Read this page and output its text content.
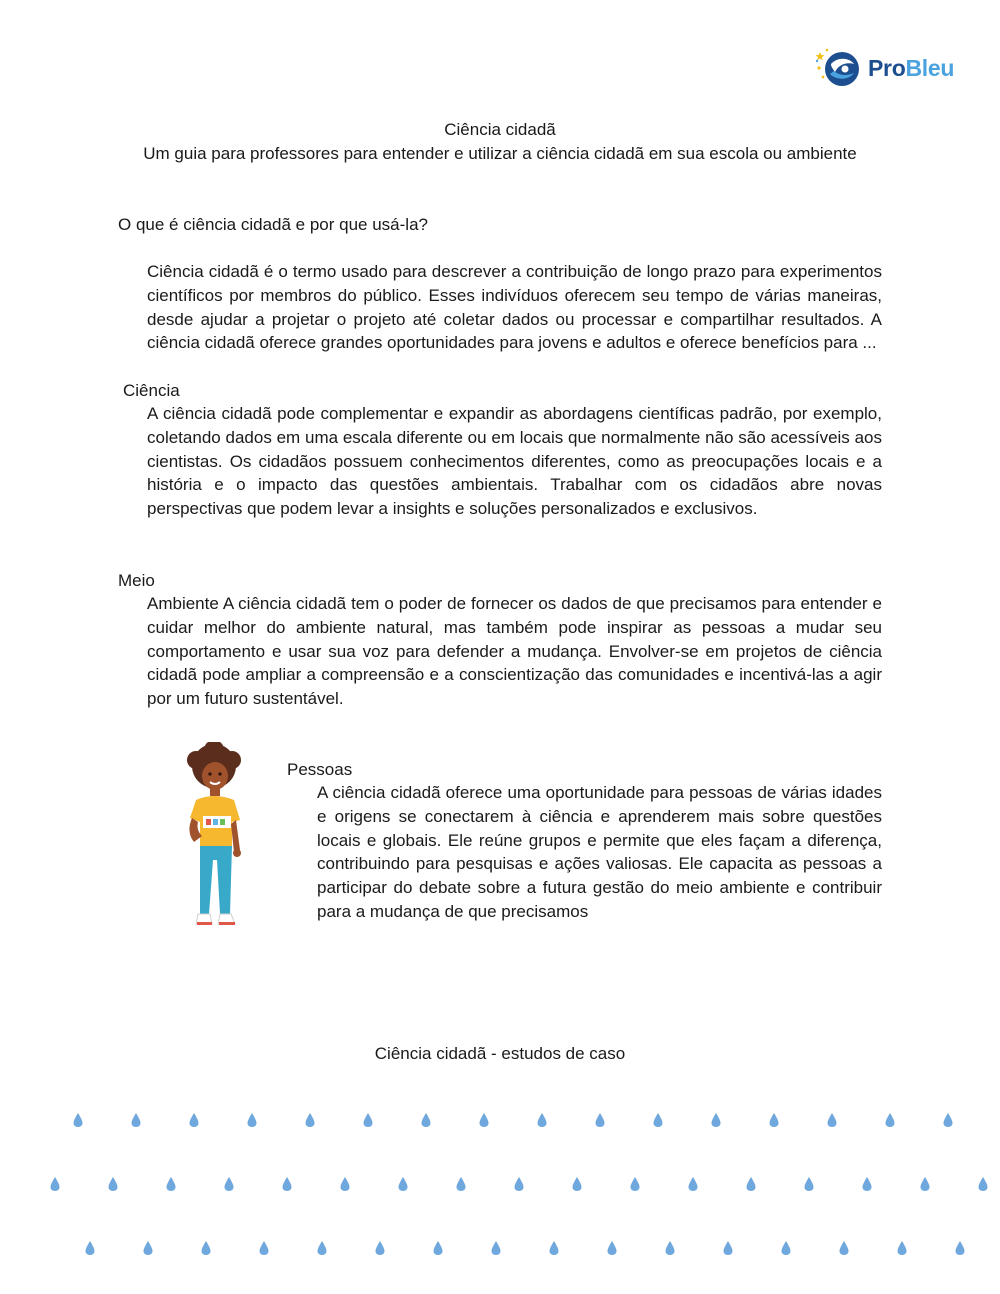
ProBleu
Ciência cidadã
Um guia para professores para entender e utilizar a ciência cidadã em sua escola ou ambiente
O que é ciência cidadã e por que usá-la?
Ciência cidadã é o termo usado para descrever a contribuição de longo prazo para experimentos científicos por membros do público. Esses indivíduos oferecem seu tempo de várias maneiras, desde ajudar a projetar o projeto até coletar dados ou processar e compartilhar resultados. A ciência cidadã oferece grandes oportunidades para jovens e adultos e oferece benefícios para ...
Ciência
A ciência cidadã pode complementar e expandir as abordagens científicas padrão, por exemplo, coletando dados em uma escala diferente ou em locais que normalmente não são acessíveis aos cientistas. Os cidadãos possuem conhecimentos diferentes, como as preocupações locais e a história e o impacto das questões ambientais. Trabalhar com os cidadãos abre novas perspectivas que podem levar a insights e soluções personalizados e exclusivos.
Meio
Ambiente A ciência cidadã tem o poder de fornecer os dados de que precisamos para entender e cuidar melhor do ambiente natural, mas também pode inspirar as pessoas a mudar seu comportamento e usar sua voz para defender a mudança. Envolver-se em projetos de ciência cidadã pode ampliar a compreensão e a conscientização das comunidades e incentivá-las a agir por um futuro sustentável.
Pessoas
A ciência cidadã oferece uma oportunidade para pessoas de várias idades e origens se conectarem à ciência e aprenderem mais sobre questões locais e globais. Ele reúne grupos e permite que eles façam a diferença, contribuindo para pesquisas e ações valiosas. Ele capacita as pessoas a participar do debate sobre a futura gestão do meio ambiente e contribuir para a mudança de que precisamos
Ciência cidadã - estudos de caso
